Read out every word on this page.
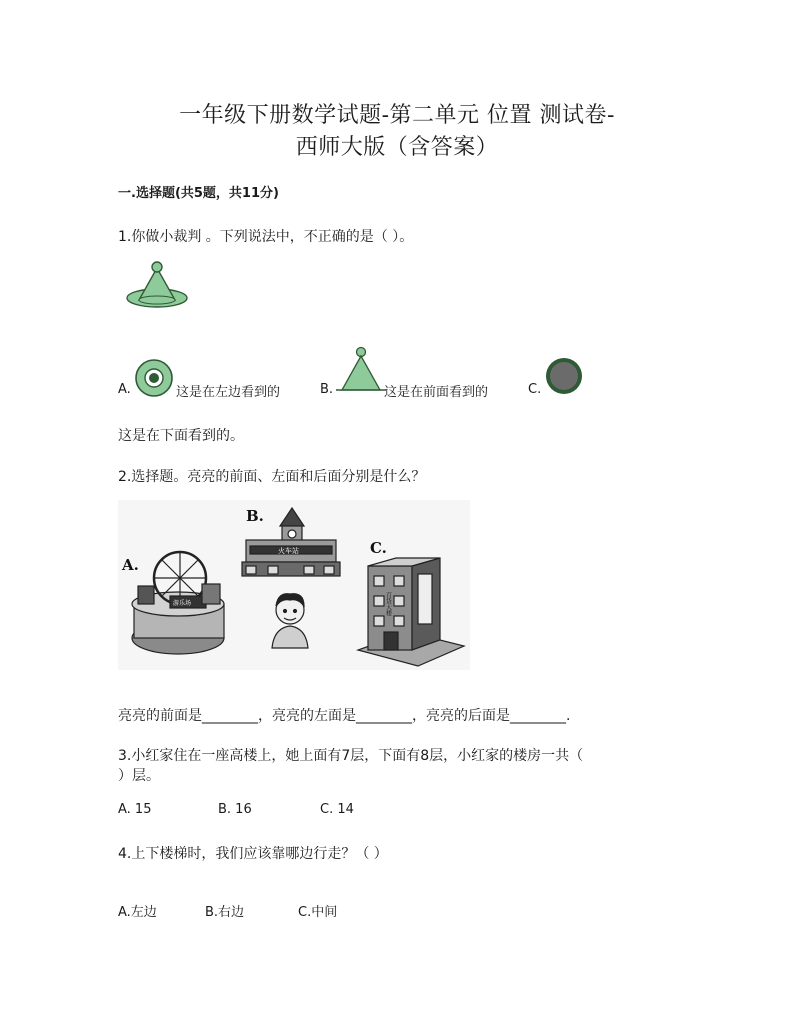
一年级下册数学试题-第二单元 位置 测试卷-
西师大版（含答案）
一.选择题(共5题，共11分)
1.你做小裁判 。下列说法中，不正确的是（ ）。
A.	这是在左边看到的	B.	这是在前面看到的	C.
这是在下面看到的。
2.选择题。亮亮的前面、左面和后面分别是什么？
A.
游乐场
B.
火车站	C.
百货大楼
亮亮的前面是________，亮亮的左面是________，亮亮的后面是________.
3.小红家住在一座高楼上，她上面有7层，下面有8层，小红家的楼房一共（
）层。
A. 15	B. 16	C. 14
4.上下楼梯时，我们应该靠哪边行走？（ ）
A.左边	B.右边	C.中间
